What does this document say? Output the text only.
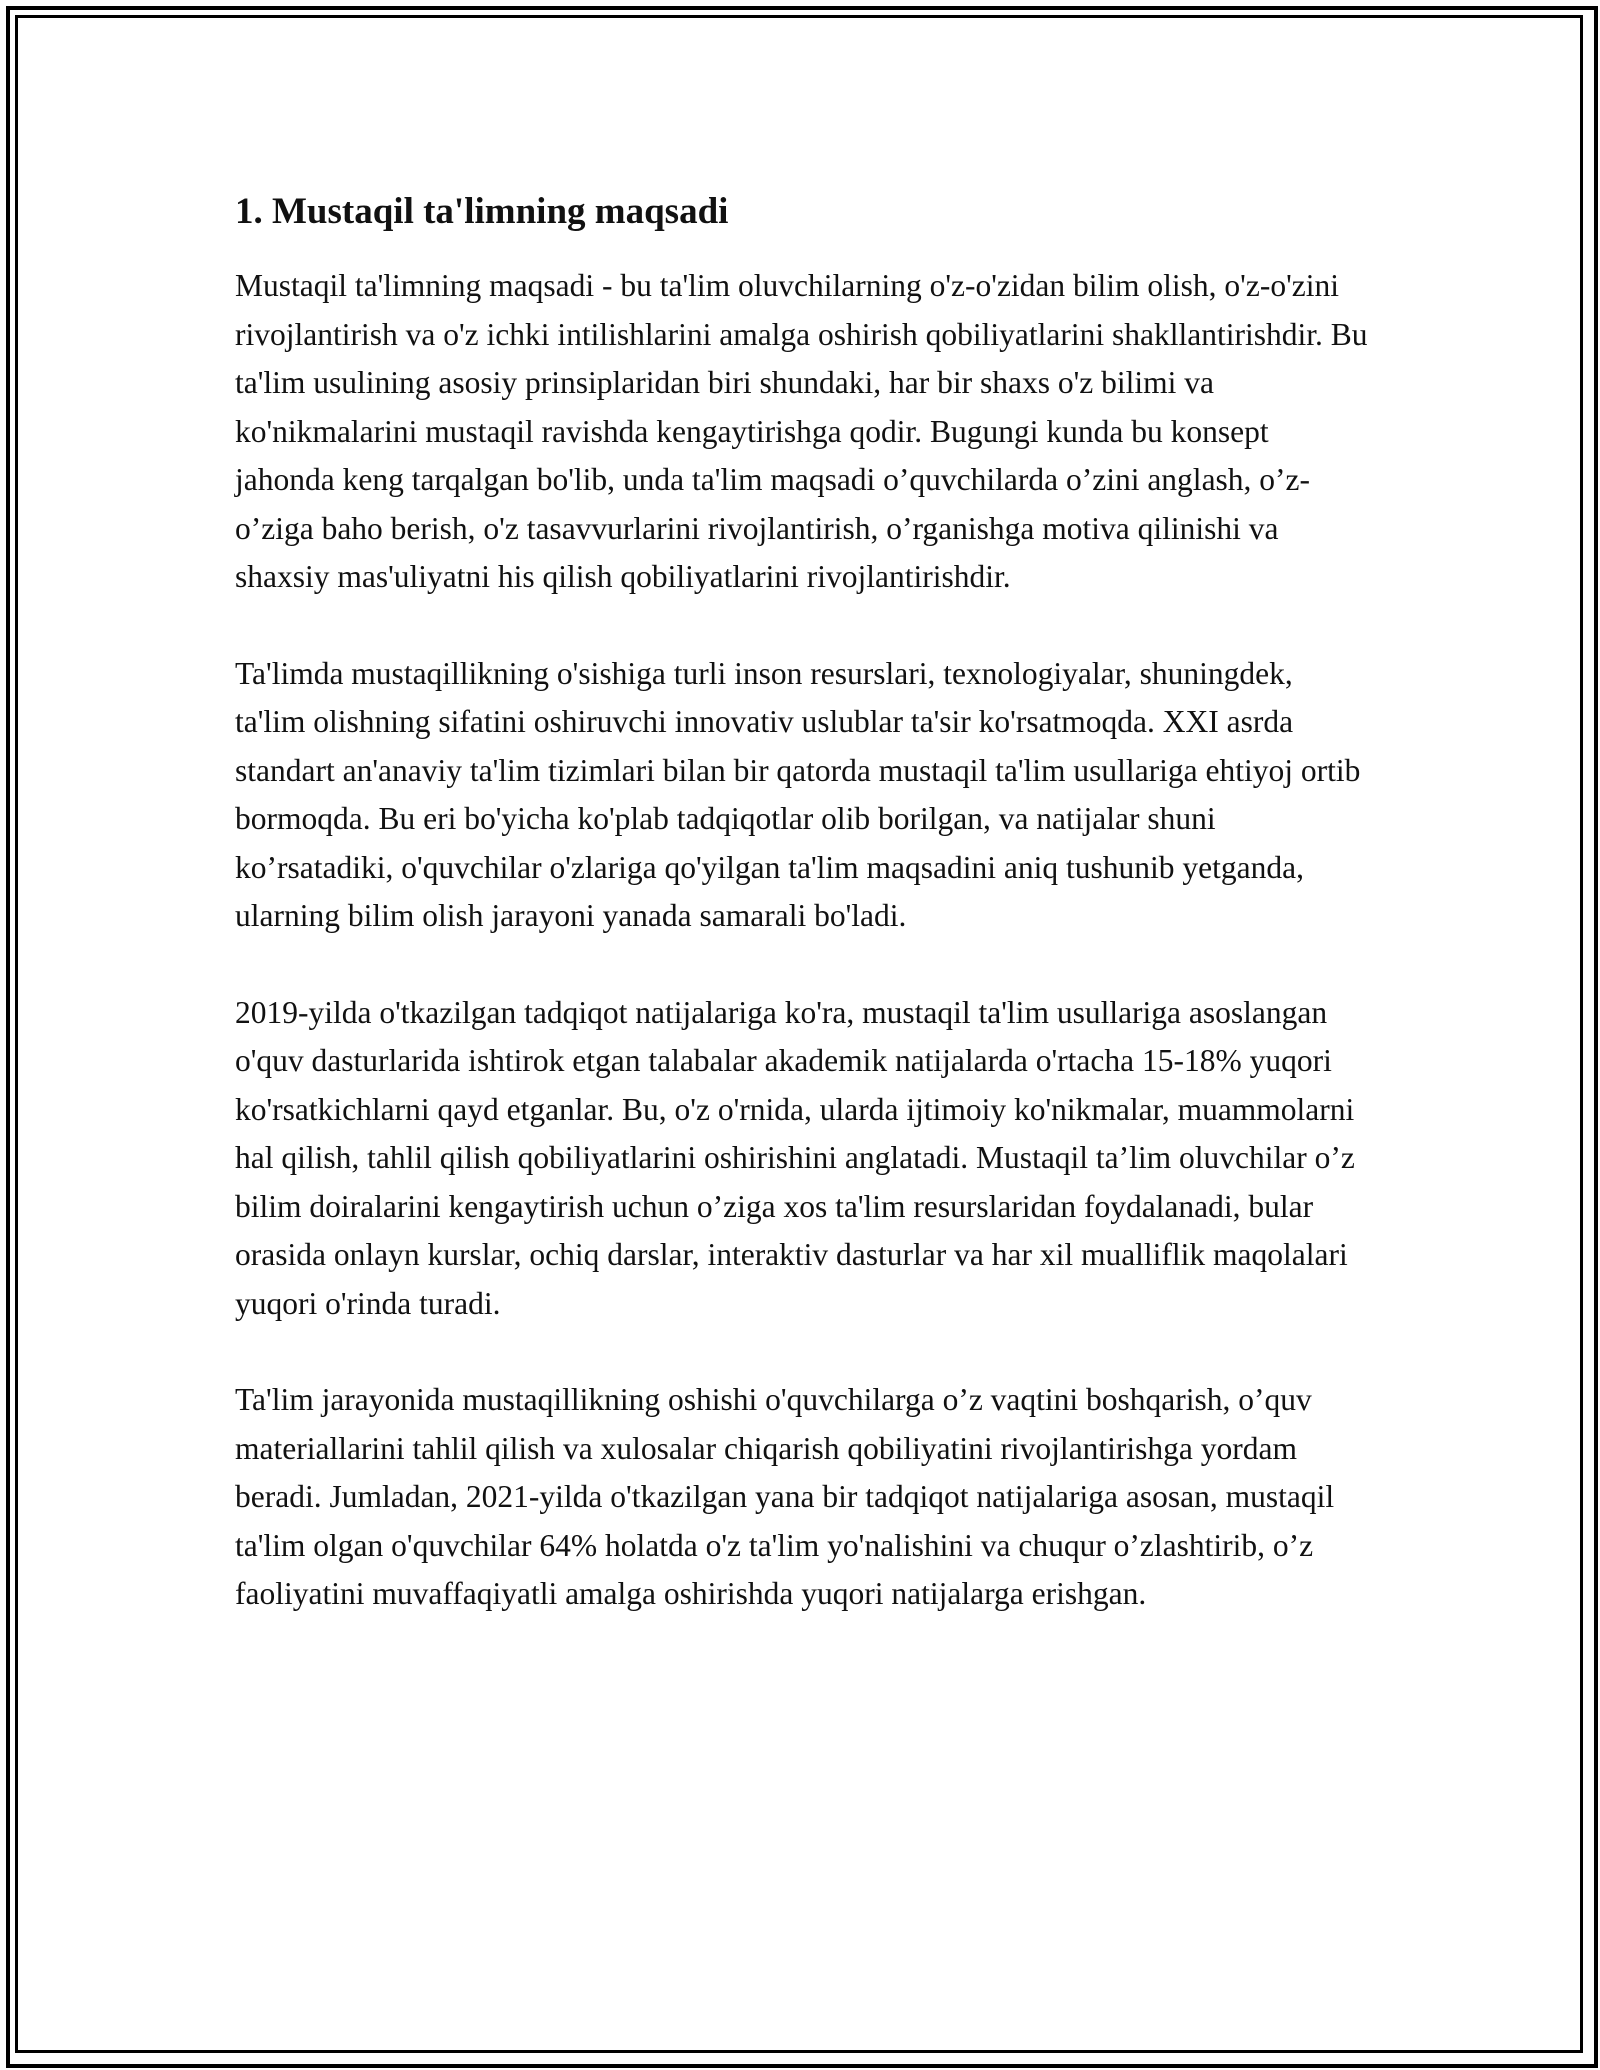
1. Mustaqil ta'limning maqsadi

Mustaqil ta'limning maqsadi - bu ta'lim oluvchilarning o'z-o'zidan bilim olish, o'z-o'zini rivojlantirish va o'z ichki intilishlarini amalga oshirish qobiliyatlarini shakllantirishdir. Bu ta'lim usulining asosiy prinsiplaridan biri shundaki, har bir shaxs o'z bilimi va ko'nikmalarini mustaqil ravishda kengaytirishga qodir. Bugungi kunda bu konsept jahonda keng tarqalgan bo'lib, unda ta'lim maqsadi o’quvchilarda o’zini anglash, o’z-o’ziga baho berish, o'z tasavvurlarini rivojlantirish, o’rganishga motiva qilinishi va shaxsiy mas'uliyatni his qilish qobiliyatlarini rivojlantirishdir.

Ta'limda mustaqillikning o'sishiga turli inson resurslari, texnologiyalar, shuningdek, ta'lim olishning sifatini oshiruvchi innovativ uslublar ta'sir ko'rsatmoqda. XXI asrda standart an'anaviy ta'lim tizimlari bilan bir qatorda mustaqil ta'lim usullariga ehtiyoj ortib bormoqda. Bu eri bo'yicha ko'plab tadqiqotlar olib borilgan, va natijalar shuni ko’rsatadiki, o'quvchilar o'zlariga qo'yilgan ta'lim maqsadini aniq tushunib yetganda, ularning bilim olish jarayoni yanada samarali bo'ladi.

2019-yilda o'tkazilgan tadqiqot natijalariga ko'ra, mustaqil ta'lim usullariga asoslangan o'quv dasturlarida ishtirok etgan talabalar akademik natijalarda o'rtacha 15-18% yuqori ko'rsatkichlarni qayd etganlar. Bu, o'z o'rnida, ularda ijtimoiy ko'nikmalar, muammolarni hal qilish, tahlil qilish qobiliyatlarini oshirishini anglatadi. Mustaqil ta’lim oluvchilar o’z bilim doiralarini kengaytirish uchun o’ziga xos ta'lim resurslaridan foydalanadi, bular orasida onlayn kurslar, ochiq darslar, interaktiv dasturlar va har xil mualliflik maqolalari yuqori o'rinda turadi.

Ta'lim jarayonida mustaqillikning oshishi o'quvchilarga o’z vaqtini boshqarish, o’quv materiallarini tahlil qilish va xulosalar chiqarish qobiliyatini rivojlantirishga yordam beradi. Jumladan, 2021-yilda o'tkazilgan yana bir tadqiqot natijalariga asosan, mustaqil ta'lim olgan o'quvchilar 64% holatda o'z ta'lim yo'nalishini va chuqur o’zlashtirib, o’z faoliyatini muvaffaqiyatli amalga oshirishda yuqori natijalarga erishgan.
